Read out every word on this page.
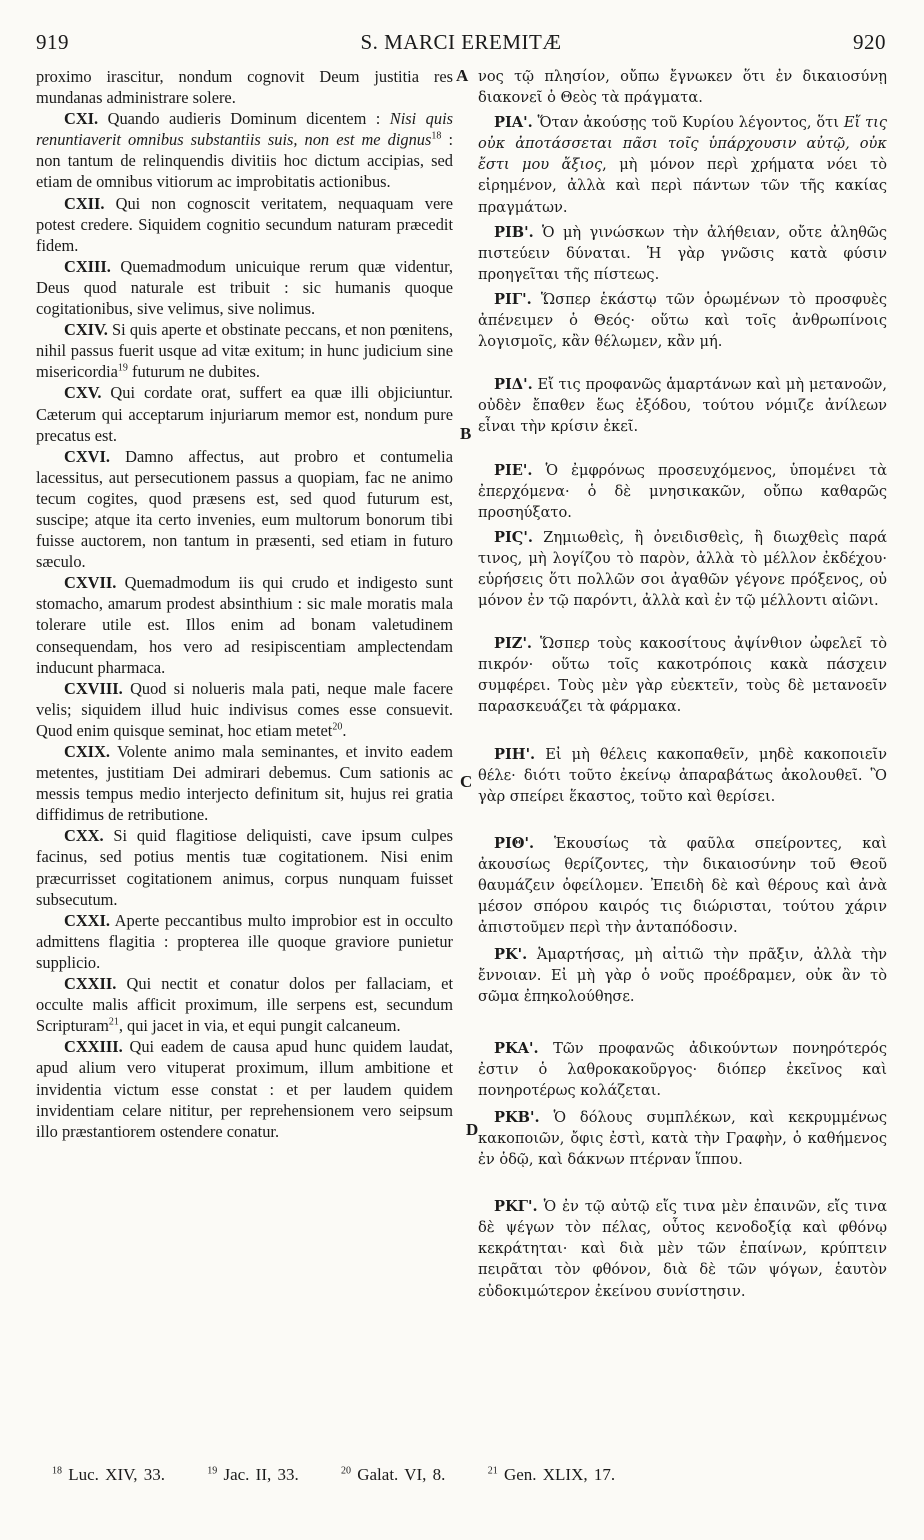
919	S. MARCI EREMITÆ	920

proximo irascitur, nondum cognovit Deum justitia res mundanas administrare solere.

CXI. Quando audieris Dominum dicentem : Nisi quis renuntiaverit omnibus substantiis suis, non est me dignus$^{18}$ : non tantum de relinquendis divitiis hoc dictum accipias, sed etiam de omnibus vitiorum ac improbitatis actionibus.

CXII. Qui non cognoscit veritatem, nequaquam vere potest credere. Siquidem cognitio secundum naturam præcedit fidem.

CXIII. Quemadmodum unicuique rerum quæ videntur, Deus quod naturale est tribuit : sic humanis quoque cogitationibus, sive velimus, sive nolimus.

CXIV. Si quis aperte et obstinate peccans, et non pœnitens, nihil passus fuerit usque ad vitæ exitum; in hunc judicium sine misericordia$^{19}$ futurum ne dubites.

CXV. Qui cordate orat, suffert ea quæ illi objiciuntur. Cæterum qui acceptarum injuriarum memor est, nondum pure precatus est.

CXVI. Damno affectus, aut probro et contumelia lacessitus, aut persecutionem passus a quopiam, fac ne animo tecum cogites, quod præsens est, sed quod futurum est, suscipe; atque ita certo invenies, eum multorum bonorum tibi fuisse auctorem, non tantum in præsenti, sed etiam in futuro sæculo.

CXVII. Quemadmodum iis qui crudo et indigesto sunt stomacho, amarum prodest absinthium : sic male moratis mala tolerare utile est. Illos enim ad bonam valetudinem consequendam, hos vero ad resipiscentiam amplectendam inducunt pharmaca.

CXVIII. Quod si nolueris mala pati, neque male facere velis; siquidem illud huic indivisus comes esse consuevit. Quod enim quisque seminat, hoc etiam metet$^{20}$.

CXIX. Volente animo mala seminantes, et invito eadem metentes, justitiam Dei admirari debemus. Cum sationis ac messis tempus medio interjecto definitum sit, hujus rei gratia diffidimus de retributione.

CXX. Si quid flagitiose deliquisti, cave ipsum culpes facinus, sed potius mentis tuæ cogitationem. Nisi enim præcurrisset cogitationem animus, corpus nunquam fuisset subsecutum.

CXXI. Aperte peccantibus multo improbior est in occulto admittens flagitia : propterea ille quoque graviore punietur supplicio.

CXXII. Qui nectit et conatur dolos per fallaciam, et occulte malis afficit proximum, ille serpens est, secundum Scripturam$^{21}$, qui jacet in via, et equi pungit calcaneum.

CXXIII. Qui eadem de causa apud hunc quidem laudat, apud alium vero vituperat proximum, illum ambitione et invidentia victum esse constat : et per laudem quidem invidentiam celare nititur, per reprehensionem vero seipsum illo præstantiorem ostendere conatur.

A
B
C
D

νος τῷ πλησίον, οὔπω ἔγνωκεν ὅτι ἐν δικαιοσύνῃ διακονεῖ ὁ Θεὸς τὰ πράγματα.

ΡΙΑ'. Ὅταν ἀκούσῃς τοῦ Κυρίου λέγοντος, ὅτι Εἴ τις οὐκ ἀποτάσσεται πᾶσι τοῖς ὑπάρχουσιν αὐτῷ, οὐκ ἔστι μου ἄξιος, μὴ μόνον περὶ χρήματα νόει τὸ εἰρημένον, ἀλλὰ καὶ περὶ πάντων τῶν τῆς κακίας πραγμάτων.

ΡΙΒ'. Ὁ μὴ γινώσκων τὴν ἀλήθειαν, οὔτε ἀληθῶς πιστεύειν δύναται. Ἡ γὰρ γνῶσις κατὰ φύσιν προηγεῖται τῆς πίστεως.

ΡΙΓ'. Ὥσπερ ἑκάστῳ τῶν ὁρωμένων τὸ προσφυὲς ἀπένειμεν ὁ Θεός· οὕτω καὶ τοῖς ἀνθρωπίνοις λογισμοῖς, κἂν θέλωμεν, κἂν μή.

ΡΙΔ'. Εἴ τις προφανῶς ἁμαρτάνων καὶ μὴ μετανοῶν, οὐδὲν ἔπαθεν ἕως ἐξόδου, τούτου νόμιζε ἀνίλεων εἶναι τὴν κρίσιν ἐκεῖ.

ΡΙΕ'. Ὁ ἐμφρόνως προσευχόμενος, ὑπομένει τὰ ἐπερχόμενα· ὁ δὲ μνησικακῶν, οὔπω καθαρῶς προσηύξατο.

ΡΙϚ'. Ζημιωθεὶς, ἢ ὀνειδισθεὶς, ἢ διωχθεὶς παρά τινος, μὴ λογίζου τὸ παρὸν, ἀλλὰ τὸ μέλλον ἐκδέχου· εὑρήσεις ὅτι πολλῶν σοι ἀγαθῶν γέγονε πρόξενος, οὐ μόνον ἐν τῷ παρόντι, ἀλλὰ καὶ ἐν τῷ μέλλοντι αἰῶνι.

ΡΙΖ'. Ὥσπερ τοὺς κακοσίτους ἀψίνθιον ὠφελεῖ τὸ πικρόν· οὕτω τοῖς κακοτρόποις κακὰ πάσχειν συμφέρει. Τοὺς μὲν γὰρ εὐεκτεῖν, τοὺς δὲ μετανοεῖν παρασκευάζει τὰ φάρμακα.

ΡΙΗ'. Εἰ μὴ θέλεις κακοπαθεῖν, μηδὲ κακοποιεῖν θέλε· διότι τοῦτο ἐκείνῳ ἀπαραβάτως ἀκολουθεῖ. Ὃ γὰρ σπείρει ἕκαστος, τοῦτο καὶ θερίσει.

ΡΙΘ'. Ἑκουσίως τὰ φαῦλα σπείροντες, καὶ ἀκουσίως θερίζοντες, τὴν δικαιοσύνην τοῦ Θεοῦ θαυμάζειν ὀφείλομεν. Ἐπειδὴ δὲ καὶ θέρους καὶ ἀνὰ μέσον σπόρου καιρός τις διώρισται, τούτου χάριν ἀπιστοῦμεν περὶ τὴν ἀνταπόδοσιν.

ΡΚ'. Ἁμαρτήσας, μὴ αἰτιῶ τὴν πρᾶξιν, ἀλλὰ τὴν ἔννοιαν. Εἰ μὴ γὰρ ὁ νοῦς προέδραμεν, οὐκ ἂν τὸ σῶμα ἐπηκολούθησε.

ΡΚΑ'. Τῶν προφανῶς ἀδικούντων πονηρότερός ἐστιν ὁ λαθροκακοῦργος· διόπερ ἐκεῖνος καὶ πονηροτέρως κολάζεται.

ΡΚΒ'. Ὁ δόλους συμπλέκων, καὶ κεκρυμμένως κακοποιῶν, ὄφις ἐστὶ, κατὰ τὴν Γραφὴν, ὁ καθήμενος ἐν ὁδῷ, καὶ δάκνων πτέρναν ἵππου.

ΡΚΓ'. Ὁ ἐν τῷ αὐτῷ εἴς τινα μὲν ἐπαινῶν, εἴς τινα δὲ ψέγων τὸν πέλας, οὗτος κενοδοξίᾳ καὶ φθόνῳ κεκράτηται· καὶ διὰ μὲν τῶν ἐπαίνων, κρύπτειν πειρᾶται τὸν φθόνον, διὰ δὲ τῶν ψόγων, ἑαυτὸν εὐδοκιμώτερον ἐκείνου συνίστησιν.

$^{18}$ Luc. XIV, 33.	$^{19}$ Jac. II, 33.	$^{20}$ Galat. VI, 8.	$^{21}$ Gen. XLIX, 17.
